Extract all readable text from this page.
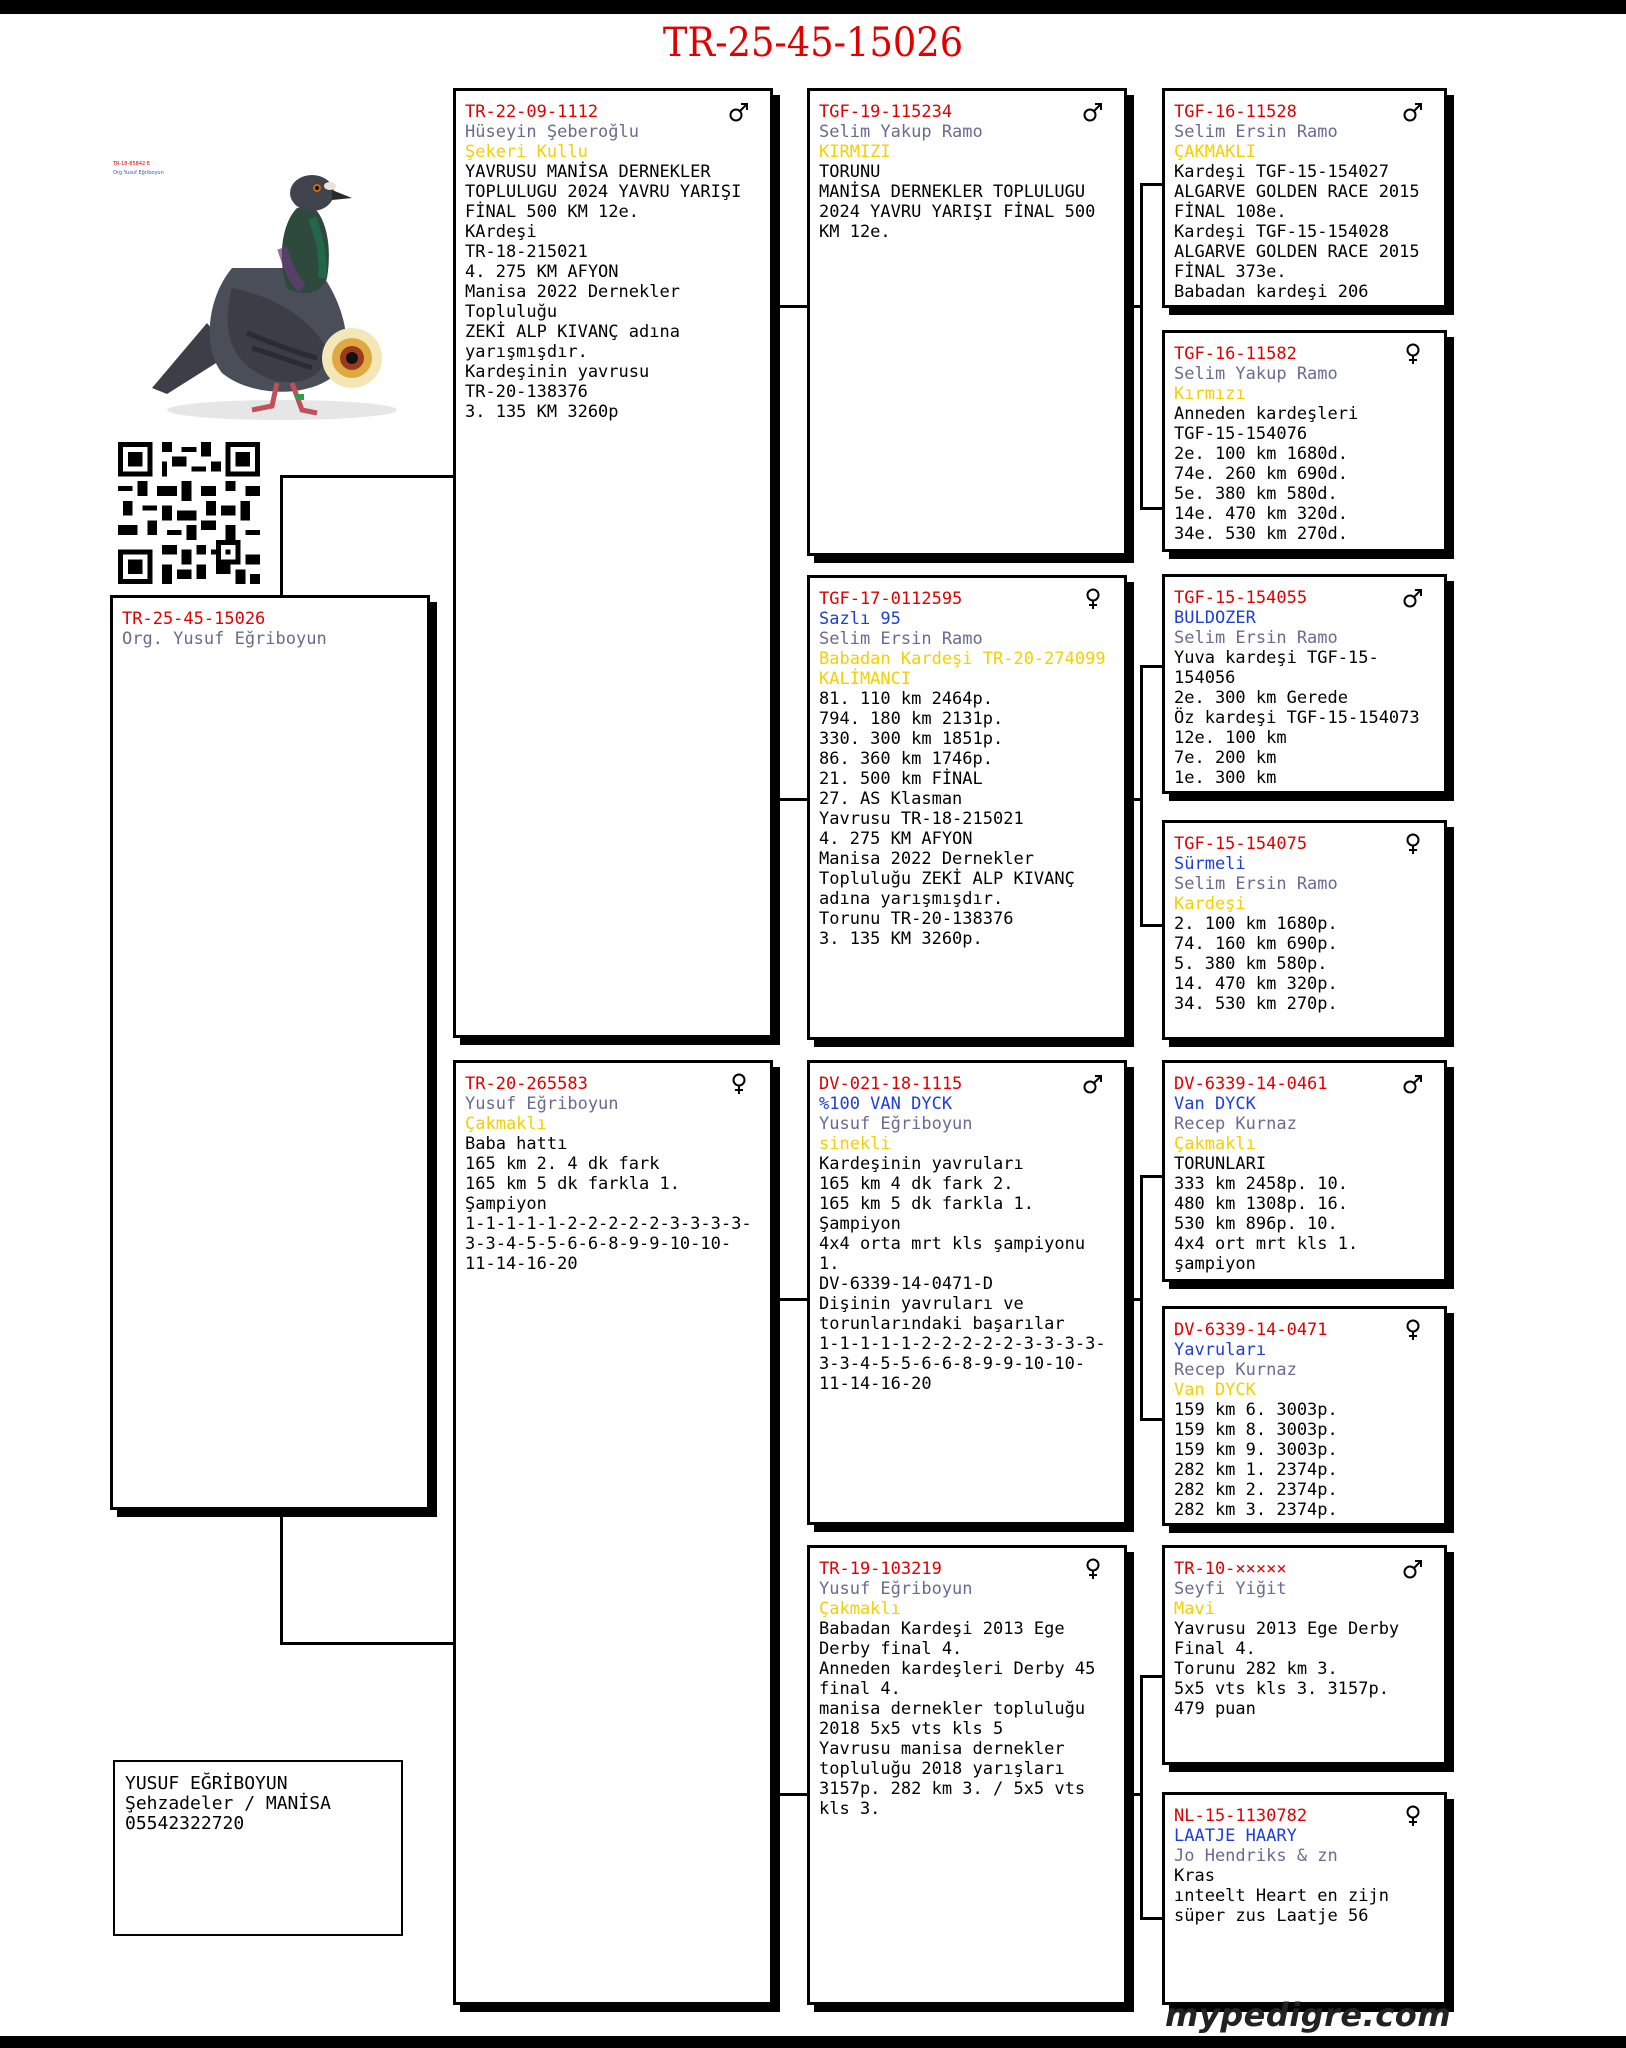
TR-25-45-15026
TR-18-85842 E
Org.Yusuf Eğriboyun
TR-25-45-15026
Org. Yusuf Eğriboyun
TR-22-09-1112
Hüseyin Şeberoğlu
Şekeri Kullu
YAVRUSU MANİSA DERNEKLER TOPLULUGU 2024 YAVRU YARIŞI FİNAL 500 KM 12e.
KArdeşi
TR-18-215021
4. 275 KM AFYON
Manisa 2022 Dernekler Topluluğu
ZEKİ ALP KIVANÇ adına yarışmışdır.
Kardeşinin yavrusu
TR-20-138376
3. 135 KM 3260p
TR-20-265583
Yusuf Eğriboyun
Çakmaklı
Baba hattı
165 km 2. 4 dk fark
165 km 5 dk farkla 1.
Şampiyon
1-1-1-1-1-2-2-2-2-2-3-3-3-3-3-3-4-5-5-6-6-8-9-9-10-10-11-14-16-20
TGF-19-115234
Selim Yakup Ramo
KIRMIZI
TORUNU
MANİSA DERNEKLER TOPLULUGU 2024 YAVRU YARIŞI FİNAL 500 KM 12e.
TGF-17-0112595
Sazlı 95
Selim Ersin Ramo
Babadan Kardeşi TR-20-274099
KALİMANCI
81. 110 km 2464p.
794. 180 km 2131p.
330. 300 km 1851p.
86. 360 km 1746p.
21. 500 km FİNAL
27. AS Klasman
Yavrusu TR-18-215021
4. 275 KM AFYON
Manisa 2022 Dernekler Topluluğu ZEKİ ALP KIVANÇ adına yarışmışdır.
Torunu TR-20-138376
3. 135 KM 3260p.
DV-021-18-1115
%100 VAN DYCK
Yusuf Eğriboyun
sinekli
Kardeşinin yavruları
165 km 4 dk fark 2.
165 km 5 dk farkla 1.
Şampiyon
4x4 orta mrt kls şampiyonu 1.
DV-6339-14-0471-D
Dişinin yavruları ve torunlarındaki başarılar
1-1-1-1-1-2-2-2-2-2-3-3-3-3-3-3-4-5-5-6-6-8-9-9-10-10-11-14-16-20
TR-19-103219
Yusuf Eğriboyun
Çakmaklı
Babadan Kardeşi 2013 Ege Derby final 4.
Anneden kardeşleri Derby 45 final 4.
manisa dernekler topluluğu 2018 5x5 vts kls 5
Yavrusu manisa dernekler topluluğu 2018 yarışları 3157p. 282 km 3. / 5x5 vts kls 3.
TGF-16-11528
Selim Ersin Ramo
ÇAKMAKLI
Kardeşi TGF-15-154027
ALGARVE GOLDEN RACE 2015 FİNAL 108e.
Kardeşi TGF-15-154028
ALGARVE GOLDEN RACE 2015 FİNAL 373e.
Babadan kardeşi 206
TGF-16-11582
Selim Yakup Ramo
Kırmızı
Anneden kardeşleri
TGF-15-154076
2e. 100 km 1680d.
74e. 260 km 690d.
5e. 380 km 580d.
14e. 470 km 320d.
34e. 530 km 270d.
TGF-15-154055
BULDOZER
Selim Ersin Ramo
Yuva kardeşi TGF-15-154056
2e. 300 km Gerede
Öz kardeşi TGF-15-154073
12e. 100 km
7e. 200 km
1e. 300 km
TGF-15-154075
Sürmeli
Selim Ersin Ramo
Kardeşi
2. 100 km 1680p.
74. 160 km 690p.
5. 380 km 580p.
14. 470 km 320p.
34. 530 km 270p.
DV-6339-14-0461
Van DYCK
Recep Kurnaz
Çakmaklı
TORUNLARI
333 km 2458p. 10.
480 km 1308p. 16.
530 km 896p. 10.
4x4 ort mrt kls 1.
şampiyon
DV-6339-14-0471
Yavruları
Recep Kurnaz
Van DYCK
159 km 6. 3003p.
159 km 8. 3003p.
159 km 9. 3003p.
282 km 1. 2374p.
282 km 2. 2374p.
282 km 3. 2374p.
TR-10-×××××
Seyfi Yiğit
Mavi
Yavrusu 2013 Ege Derby Final 4.
Torunu 282 km 3.
5x5 vts kls 3. 3157p.
479 puan
NL-15-1130782
LAATJE HAARY
Jo Hendriks & zn
Kras
ınteelt Heart en zijn
süper zus Laatje 56
YUSUF EĞRİBOYUN
Şehzadeler / MANİSA
05542322720
mypedigre.com
